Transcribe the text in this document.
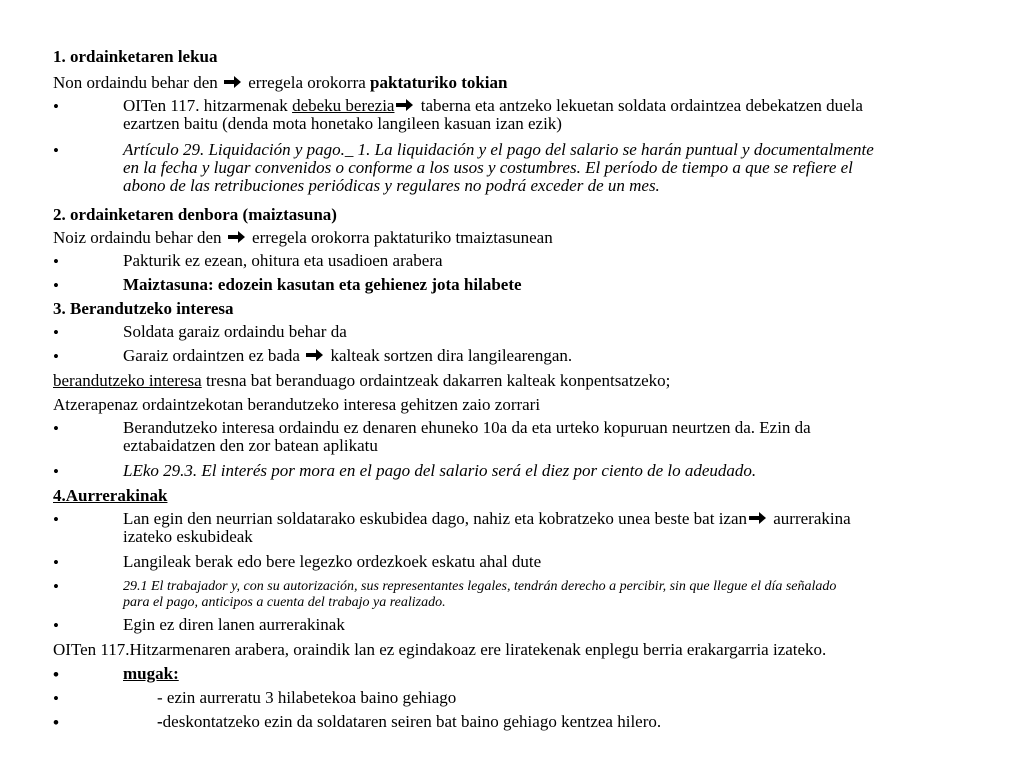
1. ordainketaren lekua
Non ordaindu behar den  erregela orokorra paktaturiko tokian
•	OITen 117. hitzarmenak debeku berezia taberna eta antzeko lekuetan soldata ordaintzea debekatzen duela
ezartzen baitu (denda mota honetako langileen kasuan izan ezik)
•	Artículo 29. Liquidación y pago._ 1. La liquidación y el pago del salario se harán puntual y documentalmente
en la fecha y lugar convenidos o conforme a los usos y costumbres. El período de tiempo a que se refiere el
abono de las retribuciones periódicas y regulares no podrá exceder de un mes.
2. ordainketaren denbora (maiztasuna)
Noiz ordaindu behar den  erregela orokorra paktaturiko tmaiztasunean
•	Pakturik ez ezean, ohitura eta usadioen arabera
•	Maiztasuna: edozein kasutan eta gehienez jota hilabete
3. Berandutzeko interesa
•	Soldata garaiz ordaindu behar da
•	Garaiz ordaintzen ez bada  kalteak sortzen dira langilearengan.
berandutzeko interesa tresna bat beranduago ordaintzeak dakarren kalteak konpentsatzeko;
Atzerapenaz ordaintzekotan berandutzeko interesa gehitzen zaio zorrari
•	Berandutzeko interesa ordaindu ez denaren ehuneko 10a da eta urteko kopuruan neurtzen da. Ezin da
eztabaidatzen den zor batean aplikatu
•	LEko 29.3. El interés por mora en el pago del salario será el diez por ciento de lo adeudado.
4.Aurrerakinak
•	Lan egin den neurrian soldatarako eskubidea dago, nahiz eta kobratzeko unea beste bat izan aurrerakina
izateko eskubideak
•	Langileak berak edo bere legezko ordezkoek eskatu ahal dute
•	29.1 El trabajador y, con su autorización, sus representantes legales, tendrán derecho a percibir, sin que llegue el día señalado
para el pago, anticipos a cuenta del trabajo ya realizado.
•	Egin ez diren lanen aurrerakinak
OITen 117.Hitzarmenaren arabera, oraindik lan ez egindakoaz ere liratekenak enplegu berria erakargarria izateko.
•	mugak:
•	- ezin aurreratu 3 hilabetekoa baino gehiago
•	-deskontatzeko ezin da soldataren seiren bat baino gehiago kentzea hilero.
